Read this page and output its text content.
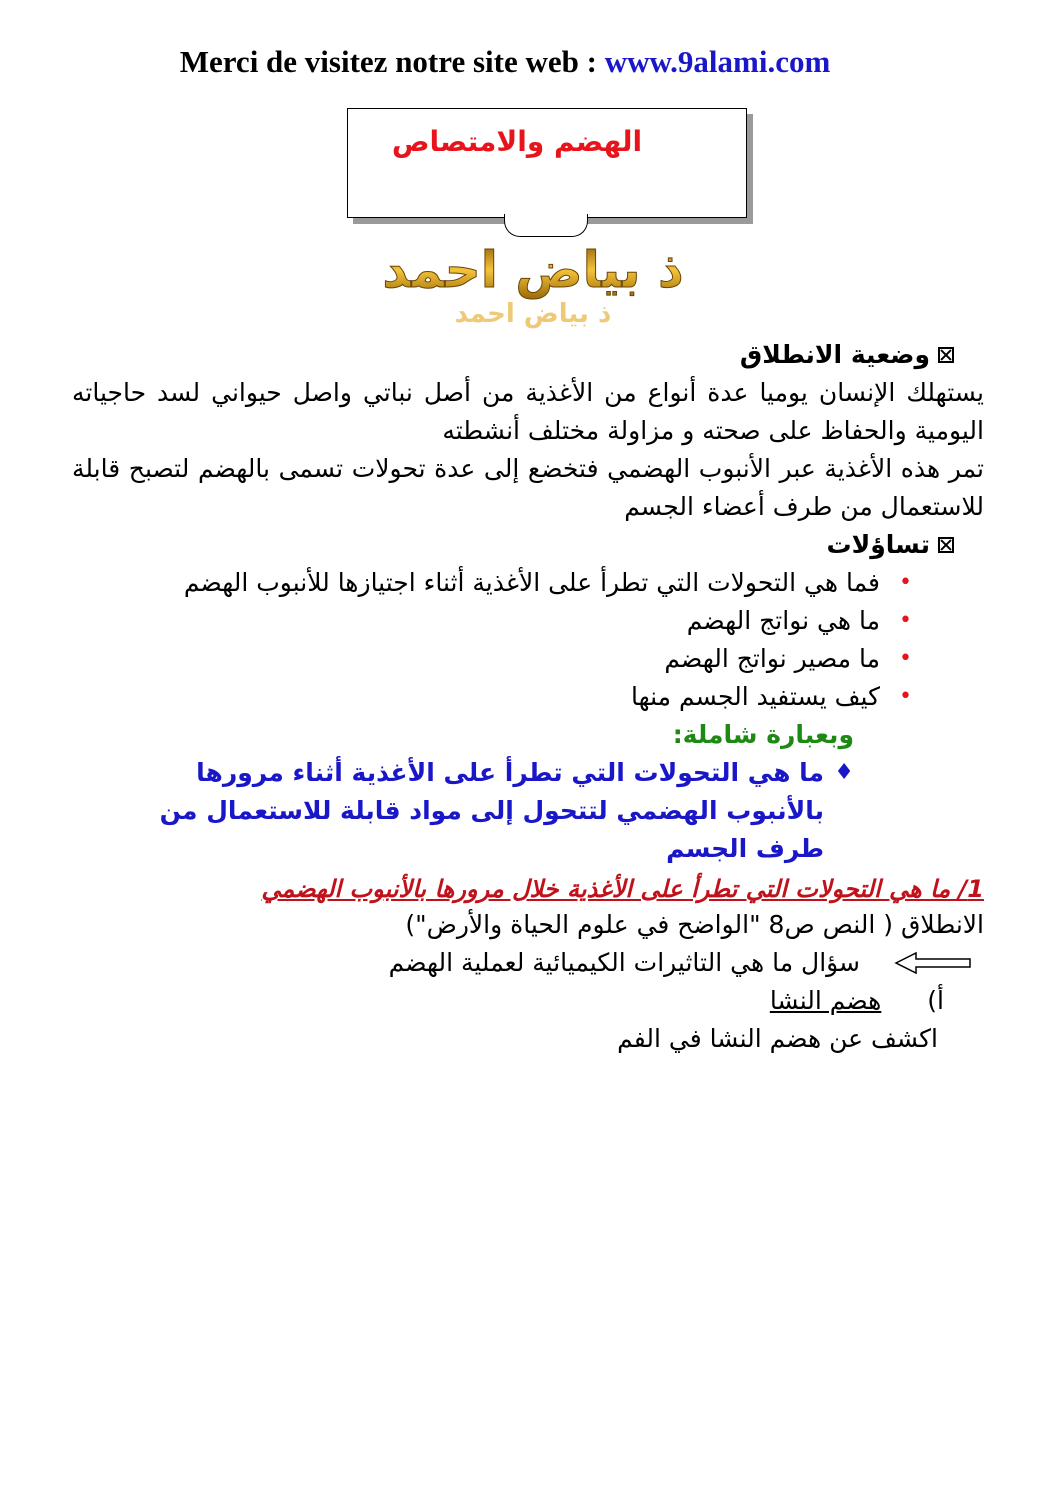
Merci de visitez notre site web : www.9alami.com
الهضم والامتصاص
ذ بياض احمد
ذ بياض احمد
وضعية الانطلاق

يستهلك الإنسان يوميا عدة أنواع من الأغذية من أصل نباتي واصل حيواني لسد حاجياته اليومية والحفاظ على صحته و مزاولة مختلف أنشطته

تمر هذه الأغذية عبر الأنبوب الهضمي فتخضع إلى عدة تحولات تسمى بالهضم لتصبح قابلة للاستعمال من طرف أعضاء الجسم

تساؤلات
•
فما هي التحولات التي تطرأ على الأغذية أثناء اجتيازها للأنبوب الهضم
•
ما هي نواتج الهضم
•
ما مصير نواتج الهضم
•
كيف يستفيد الجسم منها
وبعبارة شاملة:
♦
ما هي التحولات التي تطرأ على الأغذية أثناء مرورها بالأنبوب الهضمي لتتحول إلى مواد قابلة للاستعمال من طرف الجسم
1/ ما هي التحولات التي تطرأ على الأغذية خلال مرورها بالأنبوب الهضمي
الانطلاق ( النص ص8 "الواضح في علوم الحياة والأرض")
سؤال ما هي التاثيرات الكيميائية لعملية الهضم
أ)
هضم النشا
اكشف عن هضم النشا في الفم
